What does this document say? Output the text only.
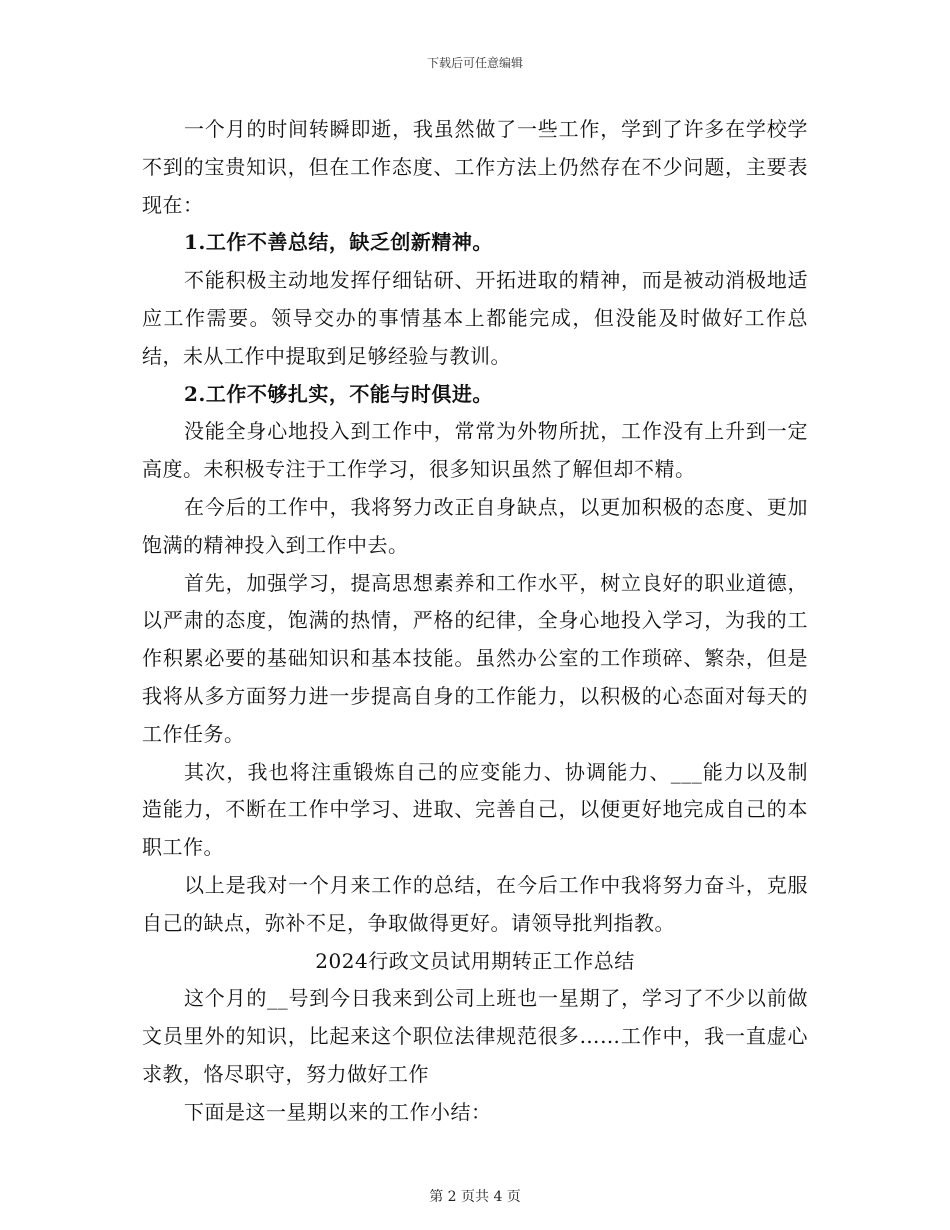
下载后可任意编辑

一个月的时间转瞬即逝，我虽然做了一些工作，学到了许多在学校学不到的宝贵知识，但在工作态度、工作方法上仍然存在不少问题，主要表现在：

1.工作不善总结，缺乏创新精神。

不能积极主动地发挥仔细钻研、开拓进取的精神，而是被动消极地适应工作需要。领导交办的事情基本上都能完成，但没能及时做好工作总结，未从工作中提取到足够经验与教训。

2.工作不够扎实，不能与时俱进。

没能全身心地投入到工作中，常常为外物所扰，工作没有上升到一定高度。未积极专注于工作学习，很多知识虽然了解但却不精。

在今后的工作中，我将努力改正自身缺点，以更加积极的态度、更加饱满的精神投入到工作中去。

首先，加强学习，提高思想素养和工作水平，树立良好的职业道德，以严肃的态度，饱满的热情，严格的纪律，全身心地投入学习，为我的工作积累必要的基础知识和基本技能。虽然办公室的工作琐碎、繁杂，但是我将从多方面努力进一步提高自身的工作能力，以积极的心态面对每天的工作任务。

其次，我也将注重锻炼自己的应变能力、协调能力、___能力以及制造能力，不断在工作中学习、进取、完善自己，以便更好地完成自己的本职工作。

以上是我对一个月来工作的总结，在今后工作中我将努力奋斗，克服自己的缺点，弥补不足，争取做得更好。请领导批判指教。

2024行政文员试用期转正工作总结

这个月的__号到今日我来到公司上班也一星期了，学习了不少以前做文员里外的知识，比起来这个职位法律规范很多……工作中，我一直虚心求教，恪尽职守，努力做好工作

下面是这一星期以来的工作小结：

第 2 页共 4 页
